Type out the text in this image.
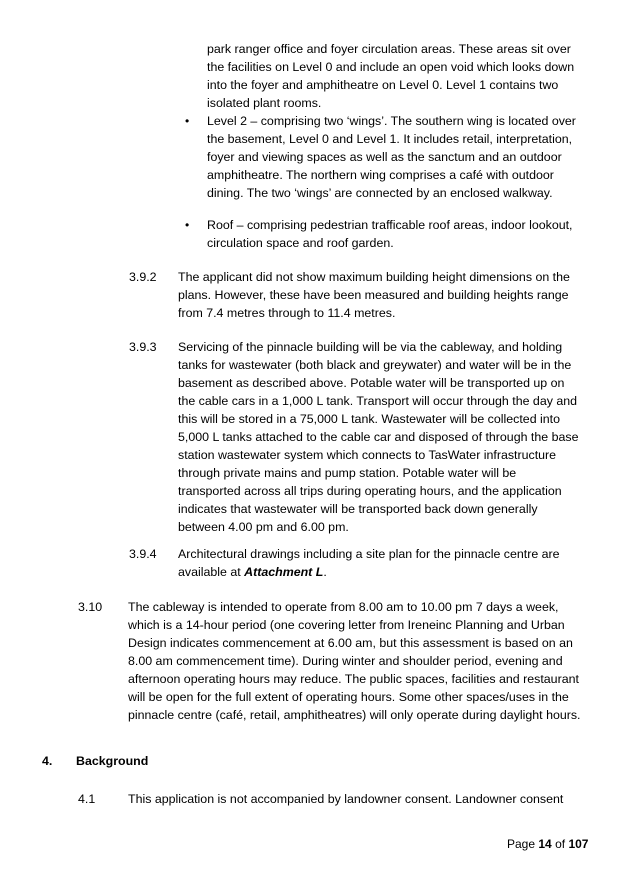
park ranger office and foyer circulation areas. These areas sit over the facilities on Level 0 and include an open void which looks down into the foyer and amphitheatre on Level 0. Level 1 contains two isolated plant rooms.

• Level 2 – comprising two ‘wings’. The southern wing is located over the basement, Level 0 and Level 1. It includes retail, interpretation, foyer and viewing spaces as well as the sanctum and an outdoor amphitheatre. The northern wing comprises a café with outdoor dining. The two ‘wings’ are connected by an enclosed walkway.

• Roof – comprising pedestrian trafficable roof areas, indoor lookout, circulation space and roof garden.

3.9.2 The applicant did not show maximum building height dimensions on the plans. However, these have been measured and building heights range from 7.4 metres through to 11.4 metres.

3.9.3 Servicing of the pinnacle building will be via the cableway, and holding tanks for wastewater (both black and greywater) and water will be in the basement as described above. Potable water will be transported up on the cable cars in a 1,000 L tank. Transport will occur through the day and this will be stored in a 75,000 L tank. Wastewater will be collected into 5,000 L tanks attached to the cable car and disposed of through the base station wastewater system which connects to TasWater infrastructure through private mains and pump station. Potable water will be transported across all trips during operating hours, and the application indicates that wastewater will be transported back down generally between 4.00 pm and 6.00 pm.

3.9.4 Architectural drawings including a site plan for the pinnacle centre are available at Attachment L.

3.10 The cableway is intended to operate from 8.00 am to 10.00 pm 7 days a week, which is a 14-hour period (one covering letter from Ireneinc Planning and Urban Design indicates commencement at 6.00 am, but this assessment is based on an 8.00 am commencement time). During winter and shoulder period, evening and afternoon operating hours may reduce. The public spaces, facilities and restaurant will be open for the full extent of operating hours. Some other spaces/uses in the pinnacle centre (café, retail, amphitheatres) will only operate during daylight hours.

4. Background
4.1	This application is not accompanied by landowner consent. Landowner consent

Page 14 of 107
